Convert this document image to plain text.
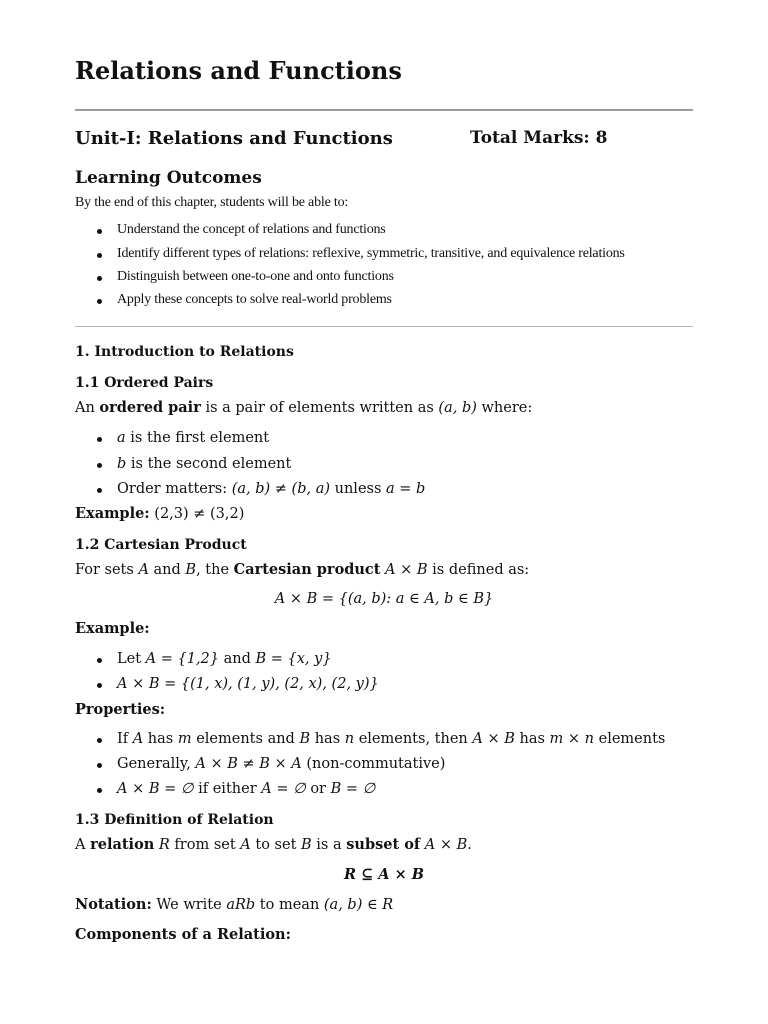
Relations and Functions
Unit-I: Relations and Functions	Total Marks: 8
Learning Outcomes
By the end of this chapter, students will be able to:
Understand the concept of relations and functions
Identify different types of relations: reflexive, symmetric, transitive, and equivalence relations
Distinguish between one-to-one and onto functions
Apply these concepts to solve real-world problems
1. Introduction to Relations
1.1 Ordered Pairs
An ordered pair is a pair of elements written as (a, b) where:
a is the first element
b is the second element
Order matters: (a, b) ≠ (b, a) unless a = b
Example: (2,3) ≠ (3,2)
1.2 Cartesian Product
For sets A and B, the Cartesian product A × B is defined as:
A × B = {(a, b): a ∈ A, b ∈ B}
Example:
Let A = {1,2} and B = {x, y}
A × B = {(1, x), (1, y), (2, x), (2, y)}
Properties:
If A has m elements and B has n elements, then A × B has m × n elements
Generally, A × B ≠ B × A (non-commutative)
A × B = ∅ if either A = ∅ or B = ∅
1.3 Definition of Relation
A relation R from set A to set B is a subset of A × B.
R ⊆ A × B
Notation: We write aRb to mean (a, b) ∈ R
Components of a Relation:
